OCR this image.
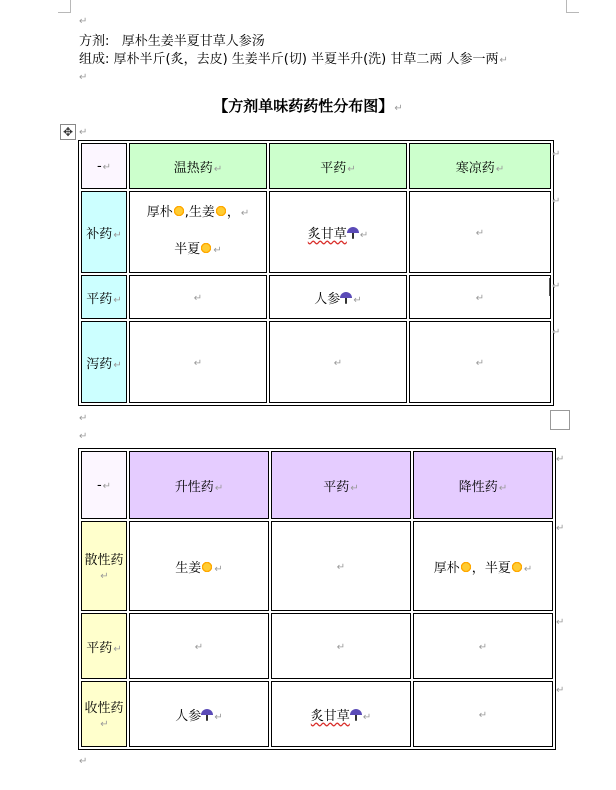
↵
方剂: 厚朴生姜半夏甘草人参汤
组成: 厚朴半斤(炙，去皮) 生姜半斤(切) 半夏半升(洗) 甘草二两 人参一两↵
↵
【方剂单味药药性分布图】↵
✥ ↵
-↵	温热药↵	平药↵	寒凉药↵
补药↵	厚朴 ,生姜 ，↵
半夏 ↵	炙甘草 ↵	↵
平药↵	↵	人参 ↵	↵
泻药↵	↵	↵	↵
↵
↵
↵
↵
↵
↵
-↵	升性药↵	平药↵	降性药↵
散性药↵	生姜 ↵	↵	厚朴 ，半夏 ↵
平药↵	↵	↵	↵
收性药↵	人参 ↵	炙甘草 ↵	↵
↵
↵
↵
↵
↵
